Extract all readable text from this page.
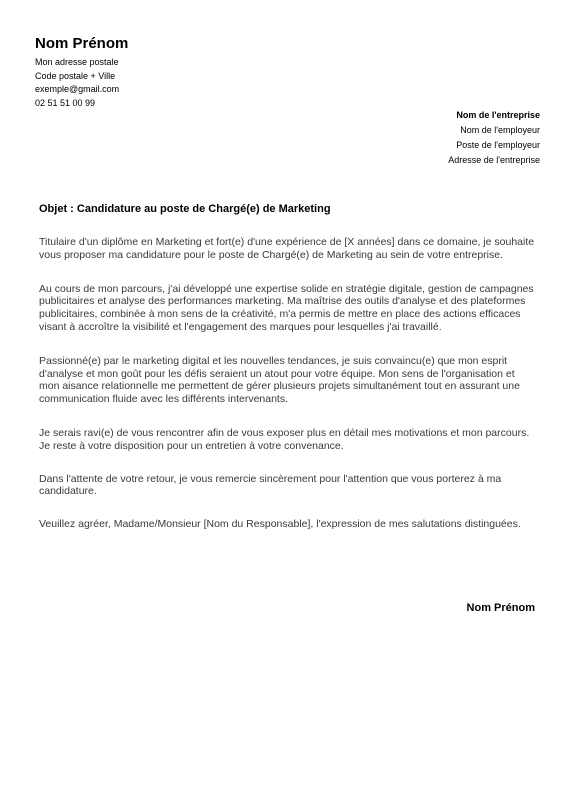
Nom Prénom
Mon adresse postale
Code postale + Ville
exemple@gmail.com
02 51 51 00 99
Nom de l'entreprise
Nom de l'employeur
Poste de l'employeur
Adresse de l'entreprise
Objet : Candidature au poste de Chargé(e) de Marketing

Titulaire d'un diplôme en Marketing et fort(e) d'une expérience de [X années] dans ce domaine, je souhaite vous proposer ma candidature pour le poste de Chargé(e) de Marketing au sein de votre entreprise.

Au cours de mon parcours, j'ai développé une expertise solide en stratégie digitale, gestion de campagnes publicitaires et analyse des performances marketing. Ma maîtrise des outils d'analyse et des plateformes publicitaires, combinée à mon sens de la créativité, m'a permis de mettre en place des actions efficaces visant à accroître la visibilité et l'engagement des marques pour lesquelles j'ai travaillé.

Passionné(e) par le marketing digital et les nouvelles tendances, je suis convaincu(e) que mon esprit d'analyse et mon goût pour les défis seraient un atout pour votre équipe. Mon sens de l'organisation et mon aisance relationnelle me permettent de gérer plusieurs projets simultanément tout en assurant une communication fluide avec les différents intervenants.

Je serais ravi(e) de vous rencontrer afin de vous exposer plus en détail mes motivations et mon parcours. Je reste à votre disposition pour un entretien à votre convenance.

Dans l'attente de votre retour, je vous remercie sincèrement pour l'attention que vous porterez à ma candidature.

Veuillez agréer, Madame/Monsieur [Nom du Responsable], l'expression de mes salutations distinguées.

Nom Prénom
